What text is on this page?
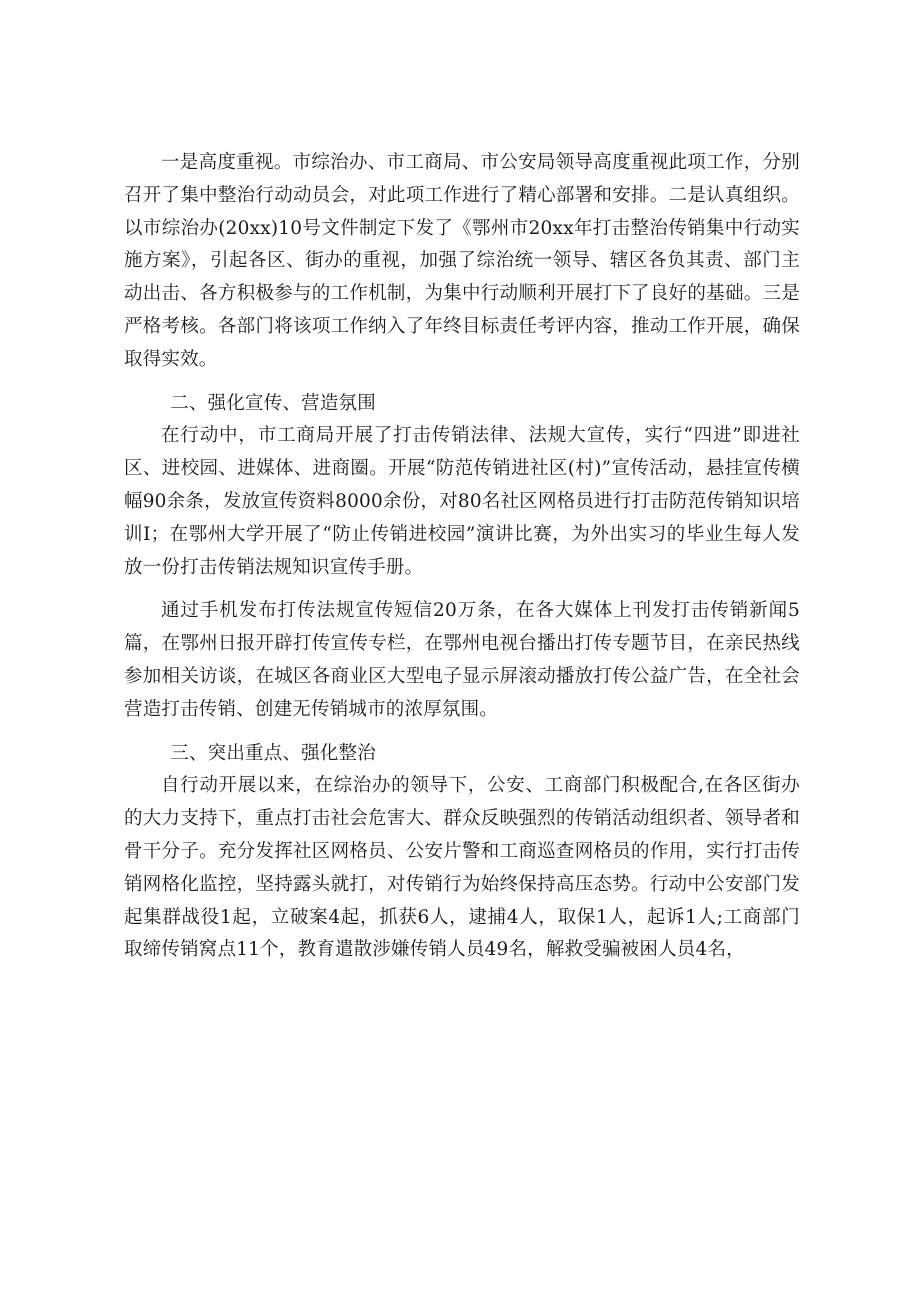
一是高度重视。市综治办、市工商局、市公安局领导高度重视此项工作，分别召开了集中整治行动动员会，对此项工作进行了精心部署和安排。二是认真组织。以市综治办(20xx)10号文件制定下发了《鄂州市20xx年打击整治传销集中行动实施方案》，引起各区、街办的重视，加强了综治统一领导、辖区各负其责、部门主动出击、各方积极参与的工作机制，为集中行动顺利开展打下了良好的基础。三是严格考核。各部门将该项工作纳入了年终目标责任考评内容，推动工作开展，确保取得实效。

二、强化宣传、营造氛围

在行动中，市工商局开展了打击传销法律、法规大宣传，实行“四进”即进社区、进校园、进媒体、进商圈。开展“防范传销进社区(村)”宣传活动，悬挂宣传横幅90余条，发放宣传资料8000余份，对80名社区网格员进行打击防范传销知识培训I；在鄂州大学开展了“防止传销进校园”演讲比赛，为外出实习的毕业生每人发放一份打击传销法规知识宣传手册。

通过手机发布打传法规宣传短信20万条，在各大媒体上刊发打击传销新闻5篇，在鄂州日报开辟打传宣传专栏，在鄂州电视台播出打传专题节目，在亲民热线参加相关访谈，在城区各商业区大型电子显示屏滚动播放打传公益广告，在全社会营造打击传销、创建无传销城市的浓厚氛围。

三、突出重点、强化整治

自行动开展以来，在综治办的领导下，公安、工商部门积极配合,在各区街办的大力支持下，重点打击社会危害大、群众反映强烈的传销活动组织者、领导者和骨干分子。充分发挥社区网格员、公安片警和工商巡查网格员的作用，实行打击传销网格化监控，坚持露头就打，对传销行为始终保持高压态势。行动中公安部门发起集群战役1起，立破案4起，抓获6人，逮捕4人，取保1人，起诉1人;工商部门取缔传销窝点11个，教育遣散涉嫌传销人员49名，解救受骗被困人员4名，
